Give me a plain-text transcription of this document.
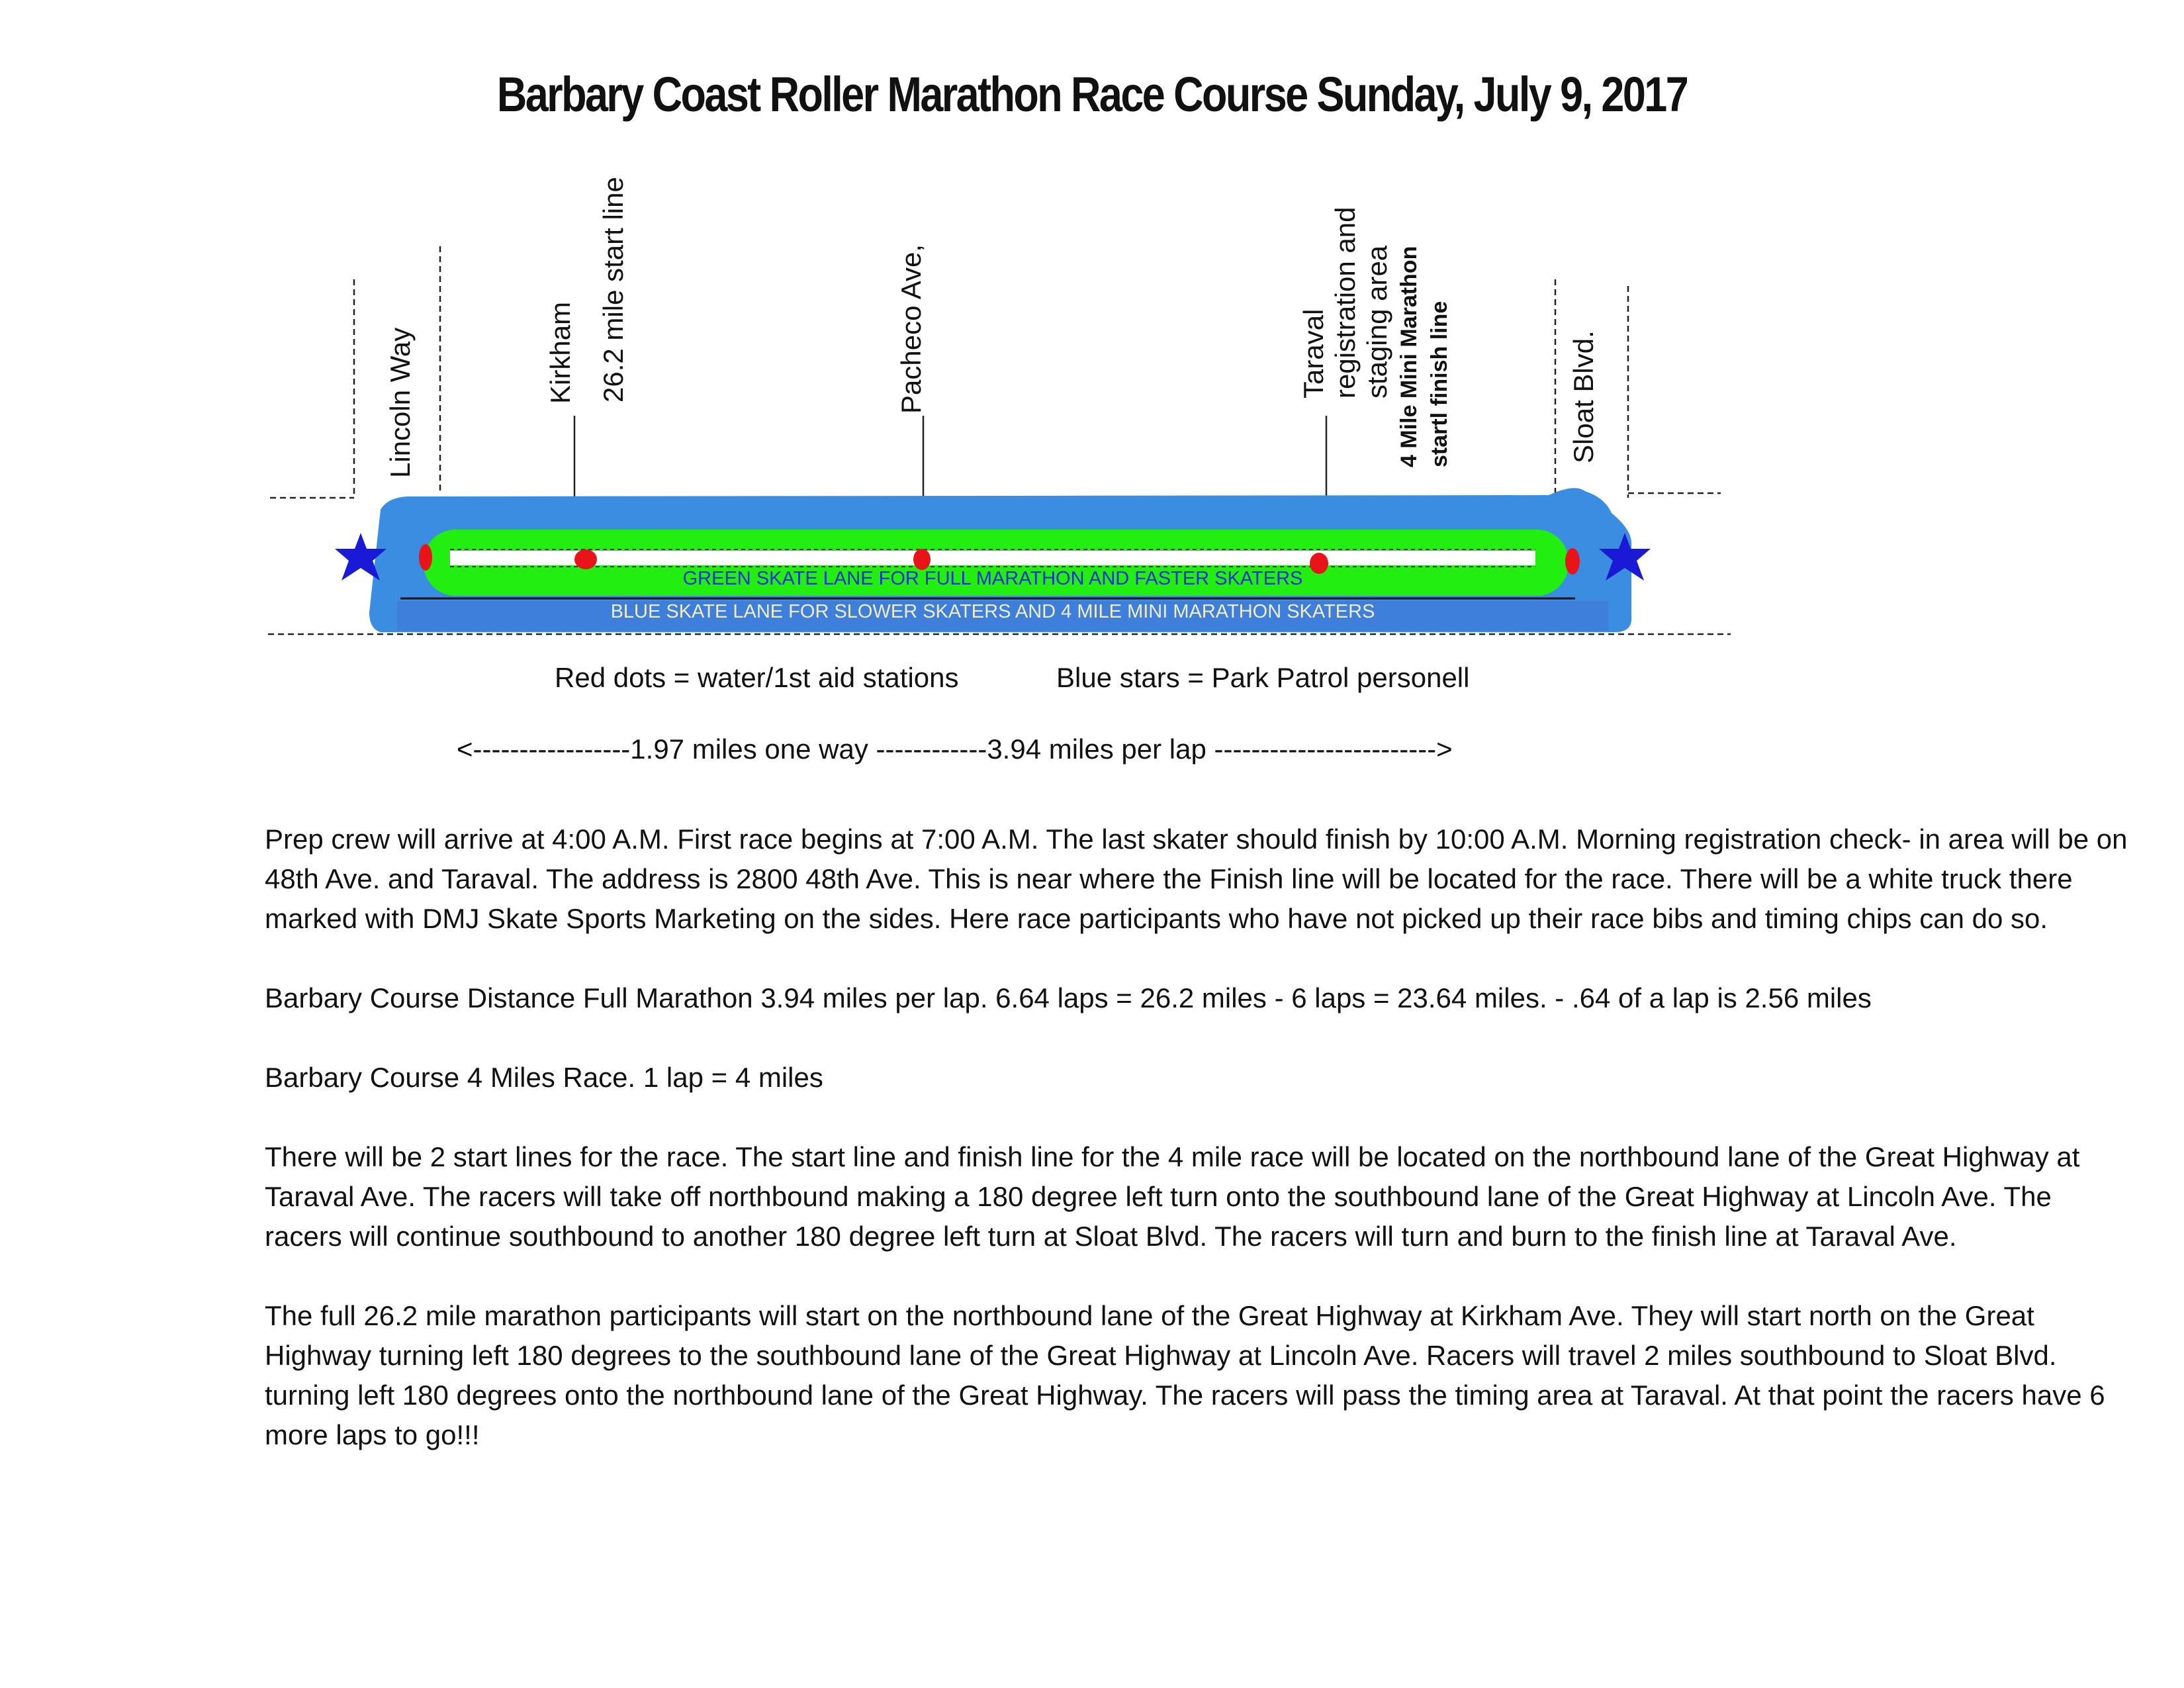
Barbary Coast Roller Marathon Race Course Sunday, July 9, 2017
Lincoln Way	Kirkham 26.2 mile start line	Pacheco Ave,	Taraval registration and staging area 4 Mile Mini Marathon startl finish line	Sloat Blvd.
GREEN SKATE LANE FOR FULL MARATHON AND FASTER SKATERS
BLUE SKATE LANE FOR SLOWER SKATERS AND 4 MILE MINI MARATHON SKATERS
Red dots = water/1st aid stations	Blue stars = Park Patrol personell
<-----------------1.97 miles one way ------------3.94 miles per lap ------------------------>

Prep crew will arrive at 4:00 A.M. First race begins at 7:00 A.M. The last skater should finish by 10:00 A.M. Morning registration check- in area will be on 48th Ave. and Taraval. The address is 2800 48th Ave. This is near where the Finish line will be located for the race. There will be a white truck there marked with DMJ Skate Sports Marketing on the sides. Here race participants who have not picked up their race bibs and timing chips can do so.

Barbary Course Distance Full Marathon 3.94 miles per lap. 6.64 laps = 26.2 miles - 6 laps = 23.64 miles. - .64 of a lap is 2.56 miles

Barbary Course 4 Miles Race. 1 lap = 4 miles

There will be 2 start lines for the race. The start line and finish line for the 4 mile race will be located on the northbound lane of the Great Highway at Taraval Ave. The racers will take off northbound making a 180 degree left turn onto the southbound lane of the Great Highway at Lincoln Ave. The racers will continue southbound to another 180 degree left turn at Sloat Blvd. The racers will turn and burn to the finish line at Taraval Ave.

The full 26.2 mile marathon participants will start on the northbound lane of the Great Highway at Kirkham Ave. They will start north on the Great Highway turning left 180 degrees to the southbound lane of the Great Highway at Lincoln Ave. Racers will travel 2 miles southbound to Sloat Blvd. turning left 180 degrees onto the northbound lane of the Great Highway. The racers will pass the timing area at Taraval. At that point the racers have 6 more laps to go!!!
